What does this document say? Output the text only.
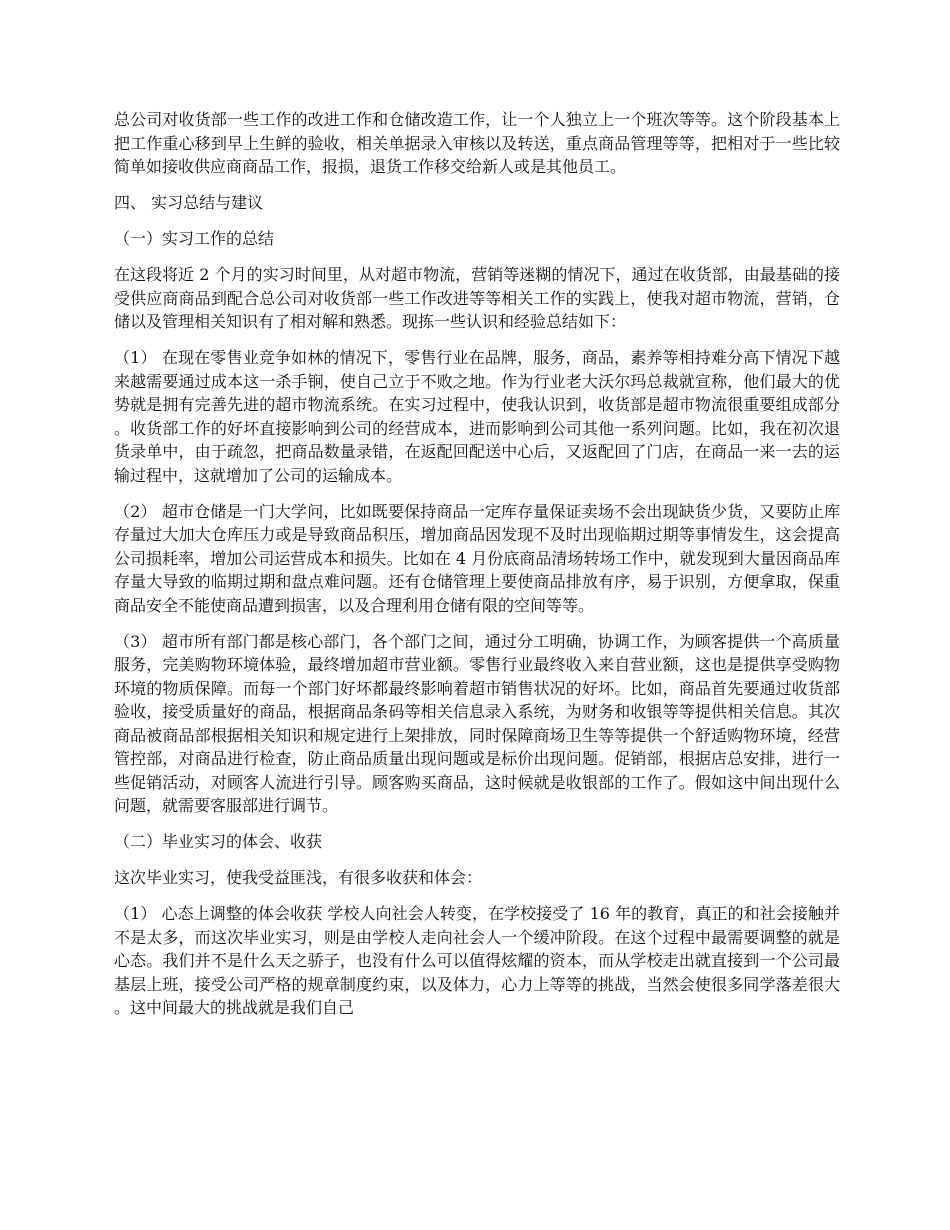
总公司对收货部一些工作的改进工作和仓储改造工作，让一个人独立上一个班次等等。这个阶段基本上把工作重心移到早上生鲜的验收，相关单据录入审核以及转送，重点商品管理等等，把相对于一些比较简单如接收供应商商品工作，报损，退货工作移交给新人或是其他员工。

四、 实习总结与建议

（一）实习工作的总结

在这段将近 2 个月的实习时间里，从对超市物流，营销等迷糊的情况下，通过在收货部，由最基础的接受供应商商品到配合总公司对收货部一些工作改进等等相关工作的实践上，使我对超市物流，营销，仓储以及管理相关知识有了相对解和熟悉。现拣一些认识和经验总结如下：

（1） 在现在零售业竞争如林的情况下，零售行业在品牌，服务，商品，素养等相持难分高下情况下越来越需要通过成本这一杀手锏，使自己立于不败之地。作为行业老大沃尔玛总裁就宣称，他们最大的优势就是拥有完善先进的超市物流系统。在实习过程中，使我认识到，收货部是超市物流很重要组成部分。收货部工作的好坏直接影响到公司的经营成本，进而影响到公司其他一系列问题。比如，我在初次退货录单中，由于疏忽，把商品数量录错，在返配回配送中心后，又返配回了门店，在商品一来一去的运输过程中，这就增加了公司的运输成本。

（2） 超市仓储是一门大学问，比如既要保持商品一定库存量保证卖场不会出现缺货少货，又要防止库存量过大加大仓库压力或是导致商品积压，增加商品因发现不及时出现临期过期等事情发生，这会提高公司损耗率，增加公司运营成本和损失。比如在 4 月份底商品清场转场工作中，就发现到大量因商品库存量大导致的临期过期和盘点难问题。还有仓储管理上要使商品排放有序，易于识别，方便拿取，保重商品安全不能使商品遭到损害，以及合理利用仓储有限的空间等等。

（3） 超市所有部门都是核心部门，各个部门之间，通过分工明确，协调工作，为顾客提供一个高质量服务，完美购物环境体验，最终增加超市营业额。零售行业最终收入来自营业额，这也是提供享受购物环境的物质保障。而每一个部门好坏都最终影响着超市销售状况的好坏。比如，商品首先要通过收货部验收，接受质量好的商品，根据商品条码等相关信息录入系统，为财务和收银等等提供相关信息。其次商品被商品部根据相关知识和规定进行上架排放，同时保障商场卫生等等提供一个舒适购物环境，经营管控部，对商品进行检查，防止商品质量出现问题或是标价出现问题。促销部，根据店总安排，进行一些促销活动，对顾客人流进行引导。顾客购买商品，这时候就是收银部的工作了。假如这中间出现什么问题，就需要客服部进行调节。

（二）毕业实习的体会、收获

这次毕业实习，使我受益匪浅，有很多收获和体会：

（1） 心态上调整的体会收获 学校人向社会人转变，在学校接受了 16 年的教育，真正的和社会接触并不是太多，而这次毕业实习，则是由学校人走向社会人一个缓冲阶段。在这个过程中最需要调整的就是心态。我们并不是什么天之骄子，也没有什么可以值得炫耀的资本，而从学校走出就直接到一个公司最基层上班，接受公司严格的规章制度约束，以及体力，心力上等等的挑战，当然会使很多同学落差很大。这中间最大的挑战就是我们自己
